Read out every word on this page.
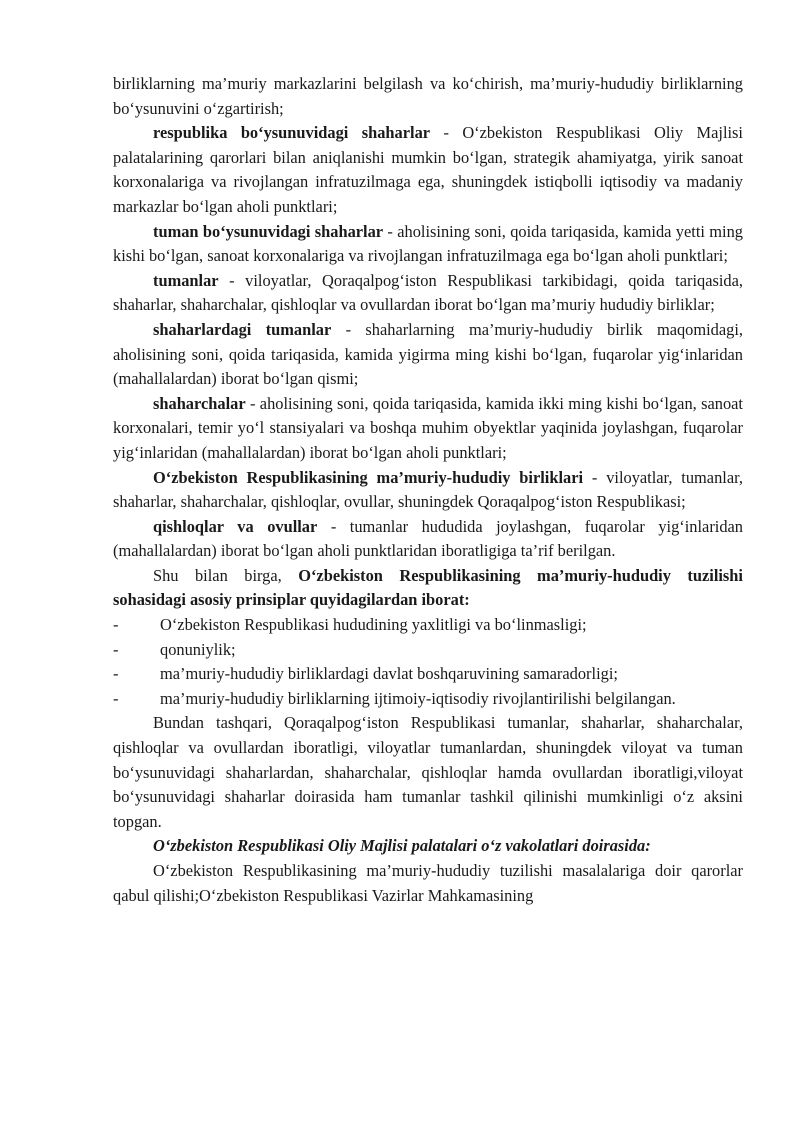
birliklarning ma’muriy markazlarini belgilash va ko‘chirish, ma’muriy-hududiy birliklarning bo‘ysunuvini o‘zgartirish;

respublika bo‘ysunuvidagi shaharlar - O‘zbekiston Respublikasi Oliy Majlisi palatalarining qarorlari bilan aniqlanishi mumkin bo‘lgan, strategik ahamiyatga, yirik sanoat korxonalariga va rivojlangan infratuzilmaga ega, shuningdek istiqbolli iqtisodiy va madaniy markazlar bo‘lgan aholi punktlari;

tuman bo‘ysunuvidagi shaharlar - aholisining soni, qoida tariqasida, kamida yetti ming kishi bo‘lgan, sanoat korxonalariga va rivojlangan infratuzilmaga ega bo‘lgan aholi punktlari;

tumanlar - viloyatlar, Qoraqalpog‘iston Respublikasi tarkibidagi, qoida tariqasida, shaharlar, shaharchalar, qishloqlar va ovullardan iborat bo‘lgan ma’muriy hududiy birliklar;

shaharlardagi tumanlar - shaharlarning ma’muriy-hududiy birlik maqomidagi, aholisining soni, qoida tariqasida, kamida yigirma ming kishi bo‘lgan, fuqarolar yig‘inlaridan (mahallalardan) iborat bo‘lgan qismi;

shaharchalar - aholisining soni, qoida tariqasida, kamida ikki ming kishi bo‘lgan, sanoat korxonalari, temir yo‘l stansiyalari va boshqa muhim obyektlar yaqinida joylashgan, fuqarolar yig‘inlaridan (mahallalardan) iborat bo‘lgan aholi punktlari;

O‘zbekiston Respublikasining ma’muriy-hududiy birliklari - viloyatlar, tumanlar, shaharlar, shaharchalar, qishloqlar, ovullar, shuningdek Qoraqalpog‘iston Respublikasi;

qishloqlar va ovullar - tumanlar hududida joylashgan, fuqarolar yig‘inlaridan (mahallalardan) iborat bo‘lgan aholi punktlaridan iboratligiga ta’rif berilgan.

Shu bilan birga, O‘zbekiston Respublikasining ma’muriy-hududiy tuzilishi sohasidagi asosiy prinsiplar quyidagilardan iborat:

-	O‘zbekiston Respublikasi hududining yaxlitligi va bo‘linmasligi;

-	qonuniylik;

-	ma’muriy-hududiy birliklardagi davlat boshqaruvining samaradorligi;

-	ma’muriy-hududiy birliklarning ijtimoiy-iqtisodiy rivojlantirilishi belgilangan.

Bundan tashqari, Qoraqalpog‘iston Respublikasi tumanlar, shaharlar, shaharchalar, qishloqlar va ovullardan iboratligi, viloyatlar tumanlardan, shuningdek viloyat va tuman bo‘ysunuvidagi shaharlardan, shaharchalar, qishloqlar hamda ovullardan iboratligi,viloyat bo‘ysunuvidagi shaharlar doirasida ham tumanlar tashkil qilinishi mumkinligi o‘z aksini topgan.

O‘zbekiston Respublikasi Oliy Majlisi palatalari o‘z vakolatlari doirasida:

O‘zbekiston Respublikasining ma’muriy-hududiy tuzilishi masalalariga doir qarorlar qabul qilishi;O‘zbekiston Respublikasi Vazirlar Mahkamasining
